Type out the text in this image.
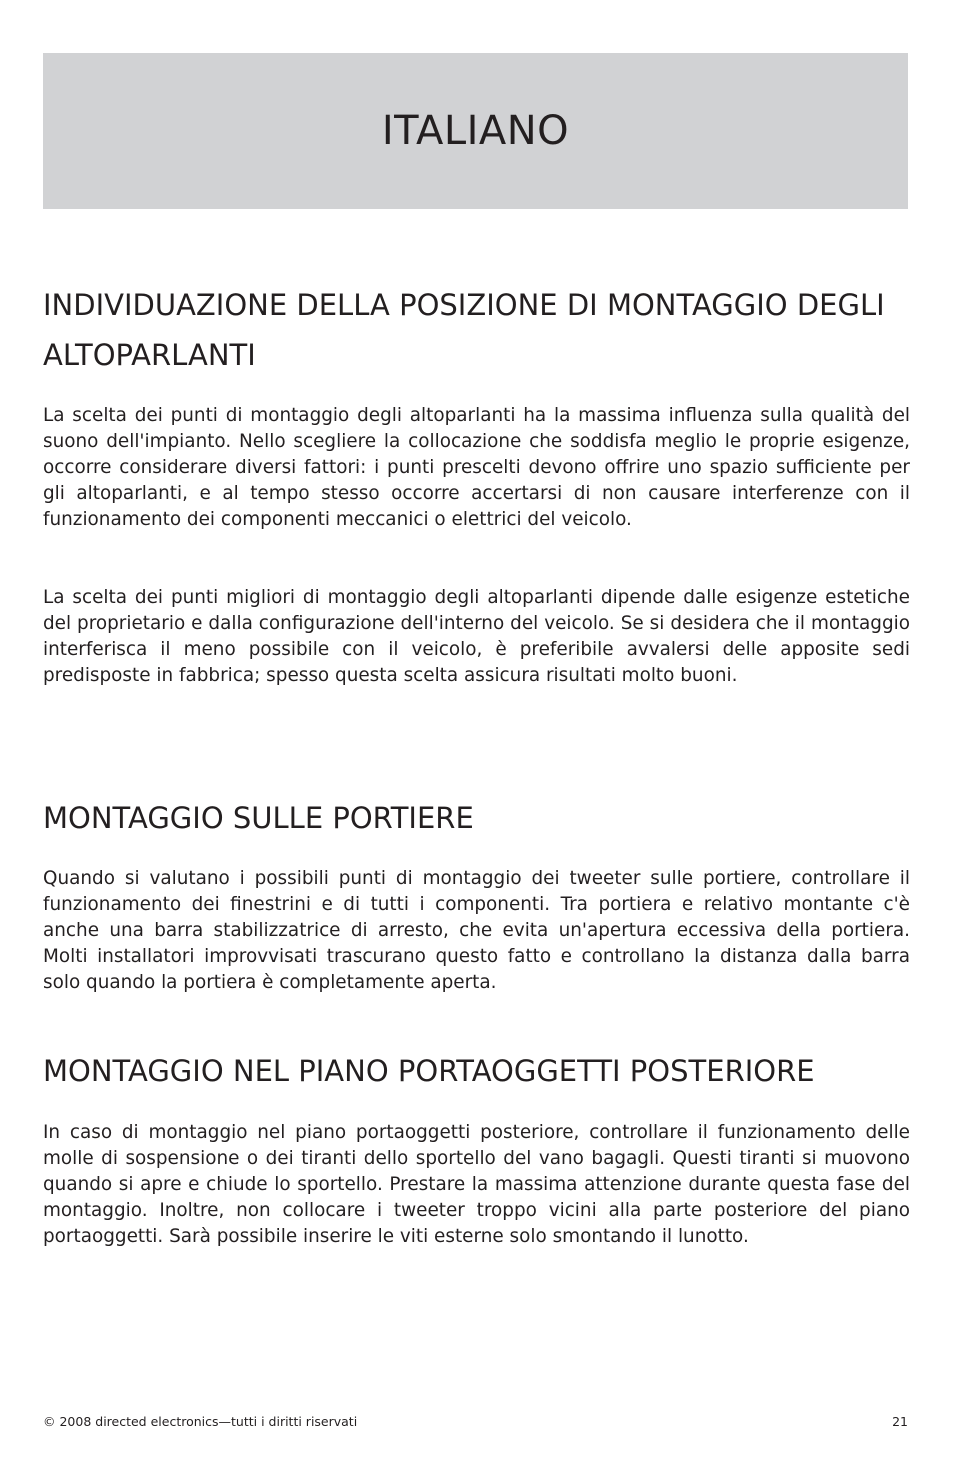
ITALIANO
INDIVIDUAZIONE DELLA POSIZIONE DI MONTAGGIO DEGLI ALTOPARLANTI

La scelta dei punti di montaggio degli altoparlanti ha la massima influenza sulla qualità del suono dell'impianto. Nello scegliere la collocazione che soddisfa meglio le proprie esigenze, occorre considerare diversi fattori: i punti prescelti devono offrire uno spazio sufficiente per gli altoparlanti, e al tempo stesso occorre accertarsi di non causare interferenze con il funzionamento dei componenti meccanici o elettrici del veicolo.

La scelta dei punti migliori di montaggio degli altoparlanti dipende dalle esigenze estetiche del proprietario e dalla configurazione dell'interno del veicolo. Se si desidera che il montaggio interferisca il meno possibile con il veicolo, è preferibile avvalersi delle apposite sedi predisposte in fabbrica; spesso questa scelta assicura risultati molto buoni.

MONTAGGIO SULLE PORTIERE

Quando si valutano i possibili punti di montaggio dei tweeter sulle portiere, controllare il funzionamento dei finestrini e di tutti i componenti. Tra portiera e relativo montante c'è anche una barra stabilizzatrice di arresto, che evita un'apertura eccessiva della portiera. Molti installatori improvvisati trascurano questo fatto e controllano la distanza dalla barra solo quando la portiera è completamente aperta.

MONTAGGIO NEL PIANO PORTAOGGETTI POSTERIORE

In caso di montaggio nel piano portaoggetti posteriore, controllare il funzionamento delle molle di sospensione o dei tiranti dello sportello del vano bagagli. Questi tiranti si muovono quando si apre e chiude lo sportello. Prestare la massima attenzione durante questa fase del montaggio. Inoltre, non collocare i tweeter troppo vicini alla parte posteriore del piano portaoggetti. Sarà possibile inserire le viti esterne solo smontando il lunotto.

© 2008 directed electronics—tutti i diritti riservati	21
